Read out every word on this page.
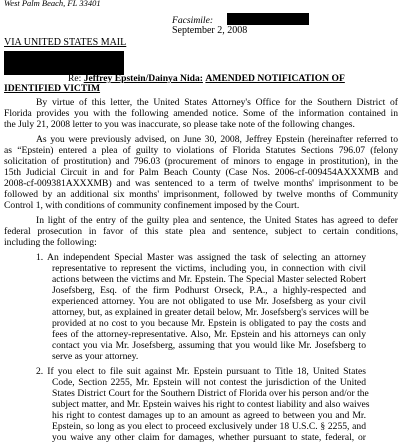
West Palm Beach, FL 33401
Facsimile:
September 2, 2008
VIA UNITED STATES MAIL
Re: Jeffrey Epstein/Dainya Nida: AMENDED NOTIFICATION OF
IDENTIFIED VICTIM
By virtue of this letter, the United States Attorney's Office for the Southern District of
Florida provides you with the following amended notice. Some of the information contained in
the July 21, 2008 letter to you was inaccurate, so please take note of the following changes.
As you were previously advised, on June 30, 2008, Jeffrey Epstein (hereinafter referred to
as “Epstein) entered a plea of guilty to violations of Florida Statutes Sections 796.07 (felony
solicitation of prostitution) and 796.03 (procurement of minors to engage in prostitution), in the
15th Judicial Circuit in and for Palm Beach County (Case Nos. 2006-cf-009454AXXXMB and
2008-cf-009381AXXXMB) and was sentenced to a term of twelve months' imprisonment to be
followed by an additional six months' imprisonment, followed by twelve months of Community
Control 1, with conditions of community confinement imposed by the Court.
In light of the entry of the guilty plea and sentence, the United States has agreed to defer
federal prosecution in favor of this state plea and sentence, subject to certain conditions,
including the following:
1. An independent Special Master was assigned the task of selecting an attorney
representative to represent the victims, including you, in connection with civil
actions between the victims and Mr. Epstein. The Special Master selected Robert
Josefsberg, Esq. of the firm Podhurst Orseck, P.A., a highly-respected and
experienced attorney. You are not obligated to use Mr. Josefsberg as your civil
attorney, but, as explained in greater detail below, Mr. Josefsberg's services will be
provided at no cost to you because Mr. Epstein is obligated to pay the costs and
fees of the attorney-representative. Also, Mr. Epstein and his attorneys can only
contact you via Mr. Josefsberg, assuming that you would like Mr. Josefsberg to
serve as your attorney.
2. If you elect to file suit against Mr. Epstein pursuant to Title 18, United States
Code, Section 2255, Mr. Epstein will not contest the jurisdiction of the United
States District Court for the Southern District of Florida over his person and/or the
subject matter, and Mr. Epstein waives his right to contest liability and also waives
his right to contest damages up to an amount as agreed to between you and Mr.
Epstein, so long as you elect to proceed exclusively under 18 U.S.C. § 2255, and
you waive any other claim for damages, whether pursuant to state, federal, or
